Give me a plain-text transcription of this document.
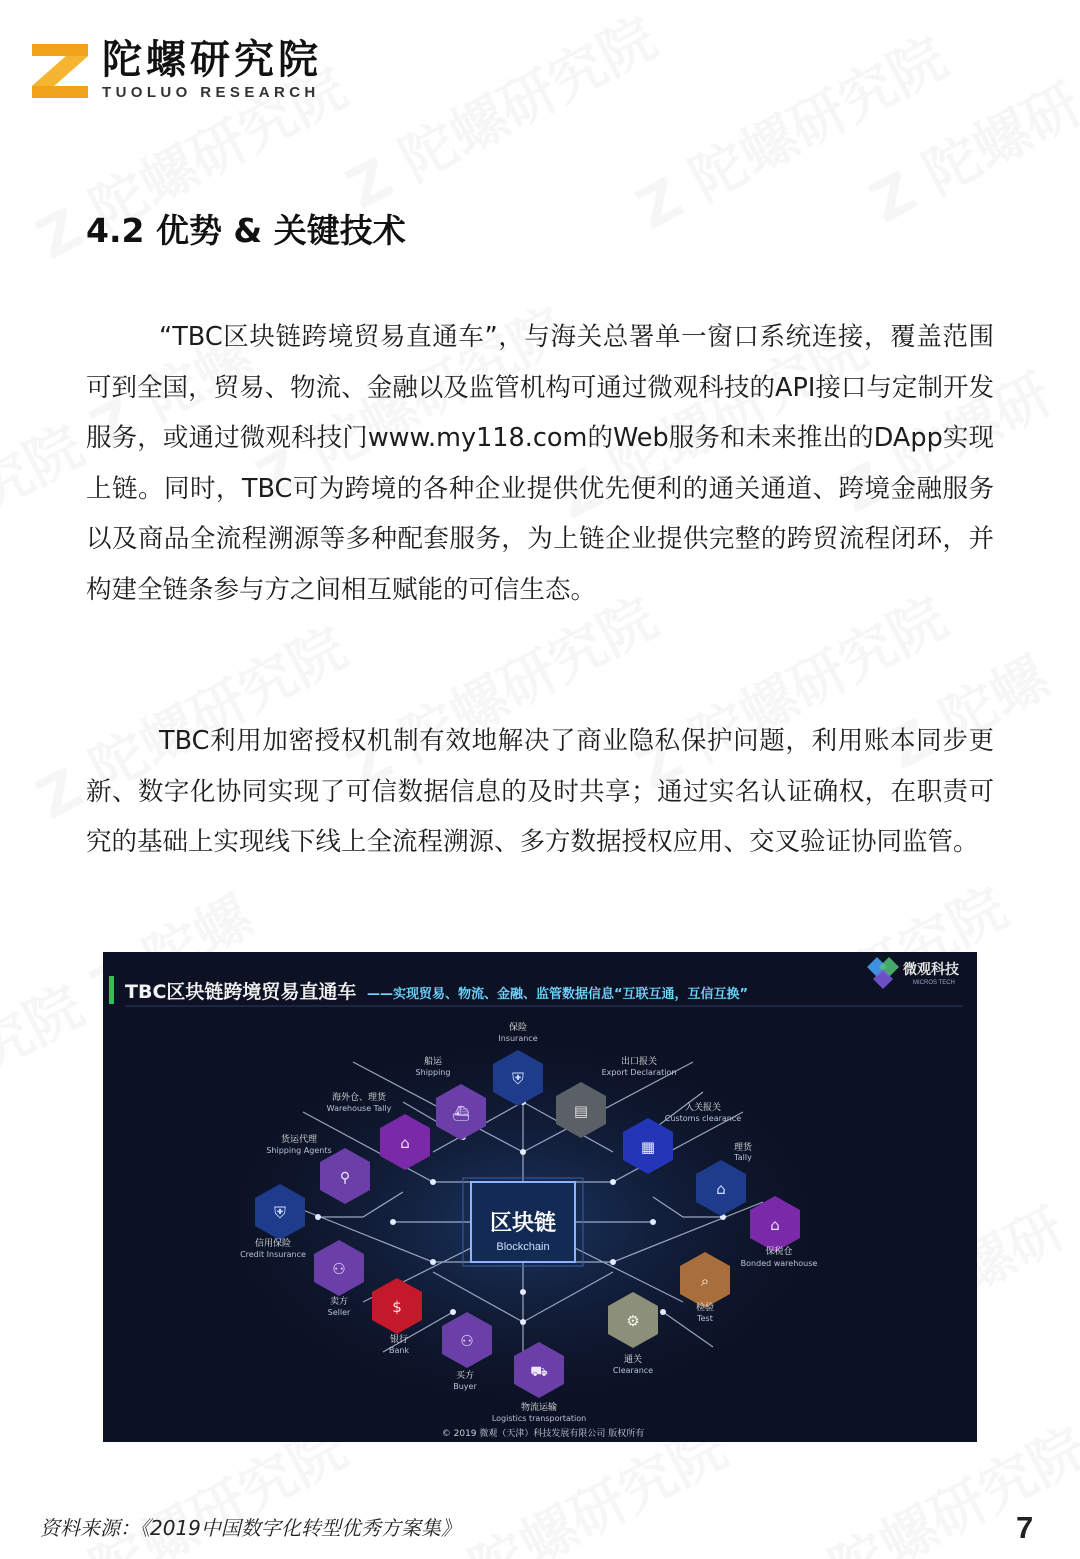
陀螺研究院
TUOLUO RESEARCH
4.2 优势 & 关键技术

“TBC区块链跨境贸易直通车”，与海关总署单一窗口系统连接，覆盖范围可到全国，贸易、物流、金融以及监管机构可通过微观科技的API接口与定制开发服务，或通过微观科技门www.my118.com的Web服务和未来推出的DApp实现上链。同时，TBC可为跨境的各种企业提供优先便利的通关通道、跨境金融服务以及商品全流程溯源等多种配套服务，为上链企业提供完整的跨贸流程闭环，并构建全链条参与方之间相互赋能的可信生态。

TBC利用加密授权机制有效地解决了商业隐私保护问题，利用账本同步更新、数字化协同实现了可信数据信息的及时共享；通过实名认证确权，在职责可究的基础上实现线下线上全流程溯源、多方数据授权应用、交叉验证协同监管。

TBC区块链跨境贸易直通车 ——实现贸易、物流、金融、监管数据信息“互联互通，互信互换”
微观科技
MICROS TECH
区块链
Blockchain
⛨
保险
Insurance
▤
出口报关
Export Declaration
▦
入关报关
Customs clearance
⌂
理货
Tally
⌂
保税仓
Bonded warehouse
⌕
检验
Test
⚙
通关
Clearance
⛟
物流运输
Logistics transportation
⚇
买方
Buyer
$
银行
Bank
⚇
卖方
Seller
⛨
信用保险
Credit Insurance
⚲
货运代理
Shipping Agents	⌂
海外仓、理货
Warehouse Tally	⛴
船运
Shipping
© 2019 微观（天津）科技发展有限公司 版权所有
资料来源：《2019中国数字化转型优秀方案集》	7
